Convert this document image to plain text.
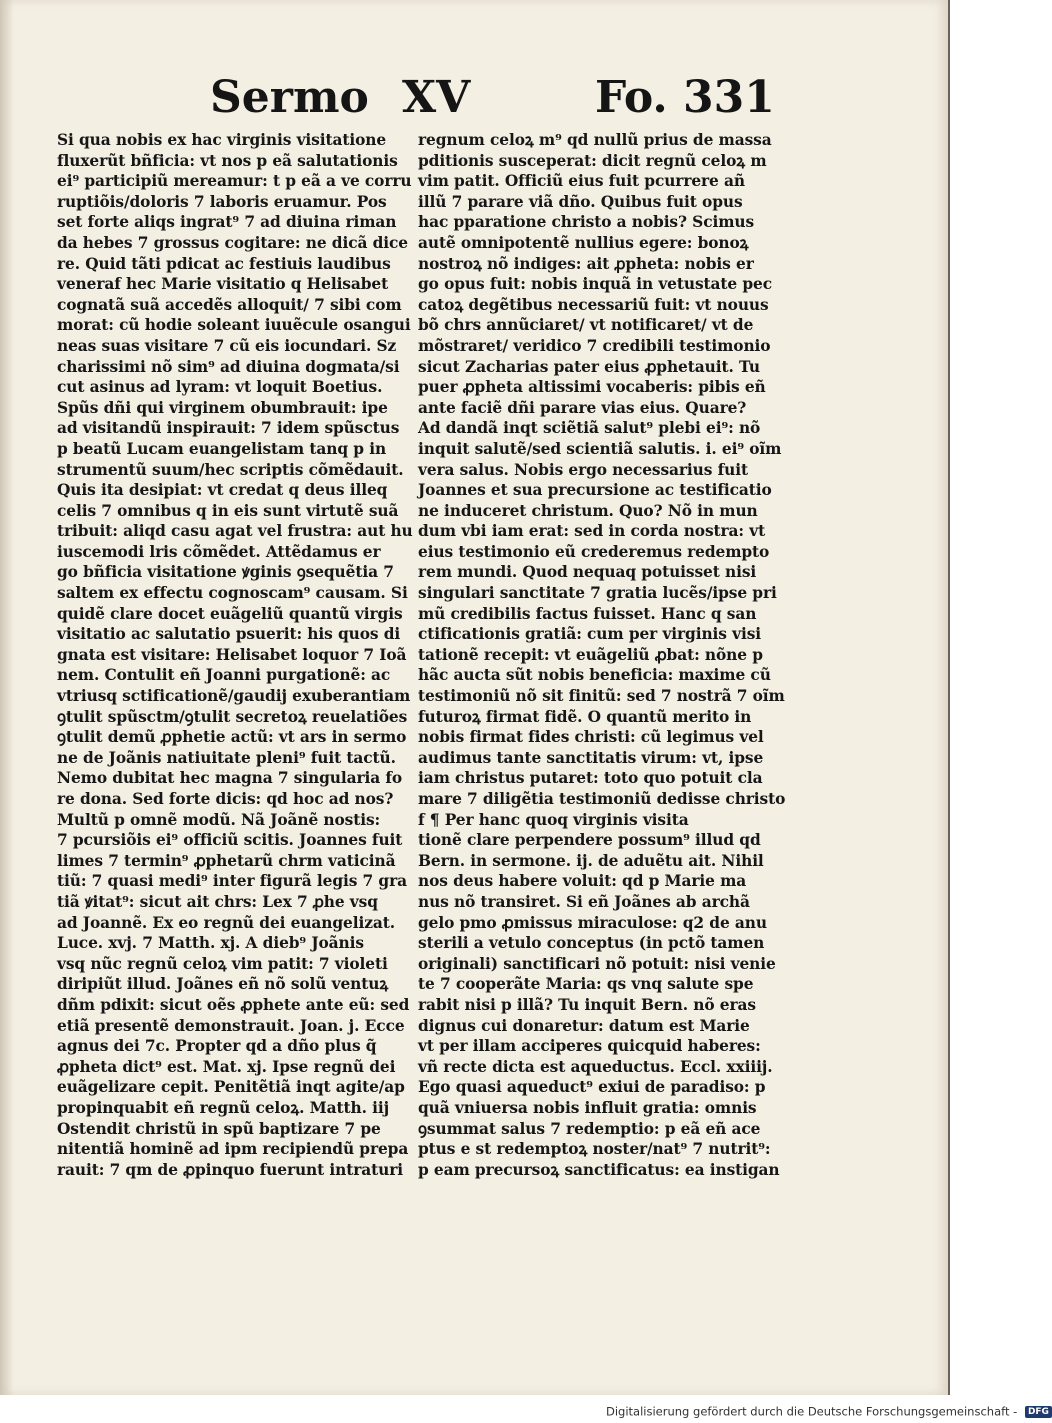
Sermo XV	Fo. 331
Si qua nobis ex hac virginis visitatione
fluxerũt bñficia: vt nos p eã salutationis
ei⁹ participiũ mereamur: t p eã a ve corru
ruptiõis/doloris 7 laboris eruamur. Pos
set forte aliqs ingrat⁹ 7 ad diuina riman
da hebes 7 grossus cogitare: ne dicã dice
re. Quid tãti pdicat ac festiuis laudibus
veneraf hec Marie visitatio q Helisabet
cognatã suã accedẽs alloquit/ 7 sibi com
morat: cũ hodie soleant iuuẽcule osangui
neas suas visitare 7 cũ eis iocundari. Sz
charissimi nõ sim⁹ ad diuina dogmata/si
cut asinus ad lyram: vt loquit Boetius.
Spũs dñi qui virginem obumbrauit: ipe
ad visitandũ inspirauit: 7 idem spũsctus
p beatũ Lucam euangelistam tanq p in
strumentũ suum/hec scriptis cõmẽdauit.
Quis ita desipiat: vt credat q deus illeq
celis 7 omnibus q in eis sunt virtutẽ suã
tribuit: aliqd casu agat vel frustra: aut hu
iuscemodi lris cõmẽdet. Attẽdamus er
go bñficia visitatione ꝟginis ꝯsequẽtia 7
saltem ex effectu cognoscam⁹ causam. Si
quidẽ clare docet euãgeliũ quantũ virgis
visitatio ac salutatio psuerit: his quos di
gnata est visitare: Helisabet loquor 7 Ioã
nem. Contulit eñ Joanni purgationẽ: ac
vtriusq sctificationẽ/gaudij exuberantiam
ꝯtulit spũsctm/ꝯtulit secretoꝝ reuelatiões
ꝯtulit demũ ꝓphetie actũ: vt ars in sermo
ne de Joãnis natiuitate pleni⁹ fuit tactũ.
Nemo dubitat hec magna 7 singularia fo
re dona. Sed forte dicis: qd hoc ad nos?
Multũ p omnẽ modũ. Nã Joãnẽ nostis:
7 pcursiõis ei⁹ officiũ scitis. Joannes fuit
limes 7 termin⁹ ꝓphetarũ chrm vaticinã
tiũ: 7 quasi medi⁹ inter figurã legis 7 gra
tiã ꝟitat⁹: sicut ait chrs: Lex 7 ꝓhe vsq
ad Joannẽ. Ex eo regnũ dei euangelizat.
Luce. xvj. 7 Matth. xj. A dieb⁹ Joãnis
vsq nũc regnũ celoꝝ vim patit: 7 violeti
diripiũt illud. Joãnes eñ nõ solũ ventuꝝ
dñm pdixit: sicut oẽs ꝓphete ante eũ: sed
etiã presentẽ demonstrauit. Joan. j. Ecce
agnus dei 7c. Propter qd a dño plus q̃
ꝓpheta dict⁹ est. Mat. xj. Ipse regnũ dei
euãgelizare cepit. Penitẽtiã inqt agite/ap
propinquabit eñ regnũ celoꝝ. Matth. iij
Ostendit christũ in spũ baptizare 7 pe
nitentiã hominẽ ad ipm recipiendũ prepa
rauit: 7 qm de ꝓpinquo fuerunt intraturi
regnum celoꝝ m⁹ qd nullũ prius de massa
pditionis susceperat: dicit regnũ celoꝝ m
vim patit. Officiũ eius fuit pcurrere añ
illũ 7 parare viã dño. Quibus fuit opus
hac pparatione christo a nobis? Scimus
autẽ omnipotentẽ nullius egere: bonoꝝ
nostroꝝ nõ indiges: ait ꝓpheta: nobis er
go opus fuit: nobis inquã in vetustate pec
catoꝝ degẽtibus necessariũ fuit: vt nouus
bõ chrs annũciaret/ vt notificaret/ vt de
mõstraret/ veridico 7 credibili testimonio
sicut Zacharias pater eius ꝓphetauit. Tu
puer ꝓpheta altissimi vocaberis: pibis eñ
ante faciẽ dñi parare vias eius. Quare?
Ad dandã inqt sciẽtiã salut⁹ plebi ei⁹: nõ
inquit salutẽ/sed scientiã salutis. i. ei⁹ oĩm
vera salus. Nobis ergo necessarius fuit
Joannes et sua precursione ac testificatio
ne induceret christum. Quo? Nõ in mun
dum vbi iam erat: sed in corda nostra: vt
eius testimonio eũ crederemus redempto
rem mundi. Quod nequaq potuisset nisi
singulari sanctitate 7 gratia lucẽs/ipse pri
mũ credibilis factus fuisset. Hanc q san
ctificationis gratiã: cum per virginis visi
tationẽ recepit: vt euãgeliũ ꝓbat: nõne p
hãc aucta sũt nobis beneficia: maxime cũ
testimoniũ nõ sit finitũ: sed 7 nostrã 7 oĩm
futuroꝝ firmat fidẽ. O quantũ merito in
nobis firmat fides christi: cũ legimus vel
audimus tante sanctitatis virum: vt, ipse
iam christus putaret: toto quo potuit cla
mare 7 diligẽtia testimoniũ dedisse christo
f ¶ Per hanc quoq virginis visita
tionẽ clare perpendere possum⁹ illud qd
Bern. in sermone. ij. de aduẽtu ait. Nihil
nos deus habere voluit: qd p Marie ma
nus nõ transiret. Si eñ Joãnes ab archã
gelo pmo ꝓmissus miraculose: q2 de anu
sterili a vetulo conceptus (in pctõ tamen
originali) sanctificari nõ potuit: nisi venie
te 7 cooperãte Maria: qs vnq salute spe
rabit nisi p illã? Tu inquit Bern. nõ eras
dignus cui donaretur: datum est Marie
vt per illam acciperes quicquid haberes:
vñ recte dicta est aqueductus. Eccl. xxiiij.
Ego quasi aqueduct⁹ exiui de paradiso: p
quã vniuersa nobis influit gratia: omnis
ꝯsummat salus 7 redemptio: p eã eñ ace
ptus e st redemptoꝝ noster/nat⁹ 7 nutrit⁹:
p eam precursoꝝ sanctificatus: ea instigan
Digitalisierung gefördert durch die Deutsche Forschungsgemeinschaft - DFG
